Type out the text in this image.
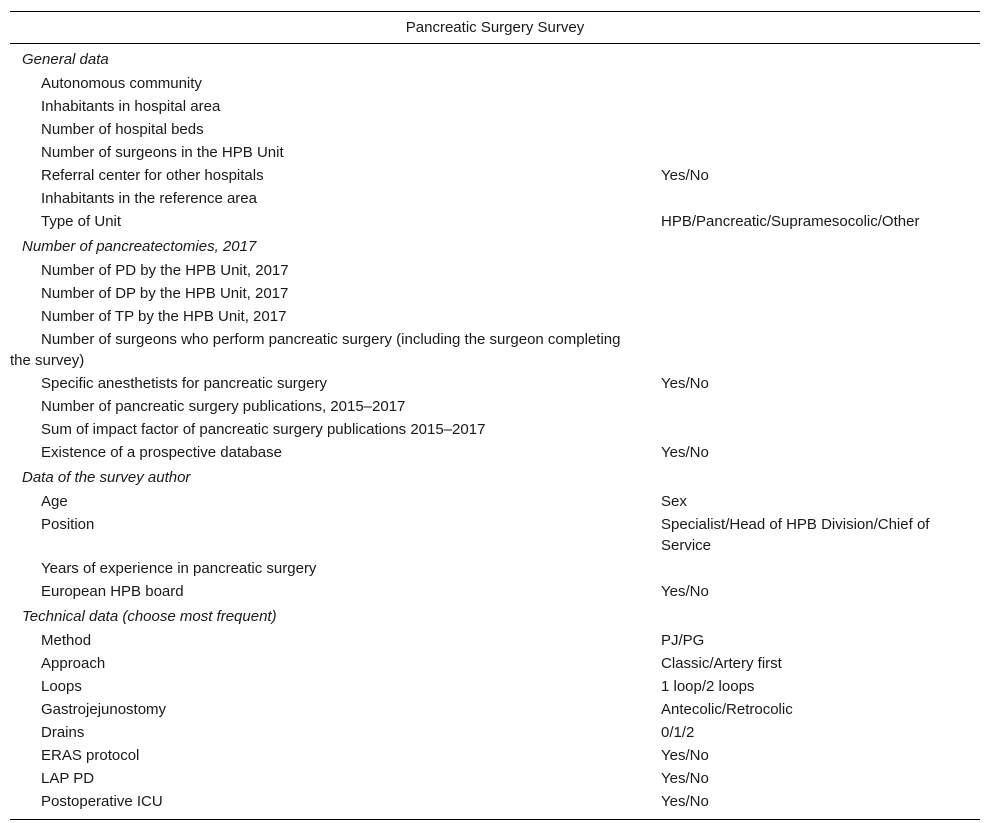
Pancreatic Surgery Survey
General data
Autonomous community
Inhabitants in hospital area
Number of hospital beds
Number of surgeons in the HPB Unit
Referral center for other hospitals	Yes/No
Inhabitants in the reference area
Type of Unit	HPB/Pancreatic/Supramesocolic/Other
Number of pancreatectomies, 2017
Number of PD by the HPB Unit, 2017
Number of DP by the HPB Unit, 2017
Number of TP by the HPB Unit, 2017
Number of surgeons who perform pancreatic surgery (including the surgeon completing the survey)
Specific anesthetists for pancreatic surgery	Yes/No
Number of pancreatic surgery publications, 2015–2017
Sum of impact factor of pancreatic surgery publications 2015–2017
Existence of a prospective database	Yes/No
Data of the survey author
Age	Sex
Position	Specialist/Head of HPB Division/Chief of Service
Years of experience in pancreatic surgery
European HPB board	Yes/No
Technical data (choose most frequent)
Method	PJ/PG
Approach	Classic/Artery first
Loops	1 loop/2 loops
Gastrojejunostomy	Antecolic/Retrocolic
Drains	0/1/2
ERAS protocol	Yes/No
LAP PD	Yes/No
Postoperative ICU	Yes/No
